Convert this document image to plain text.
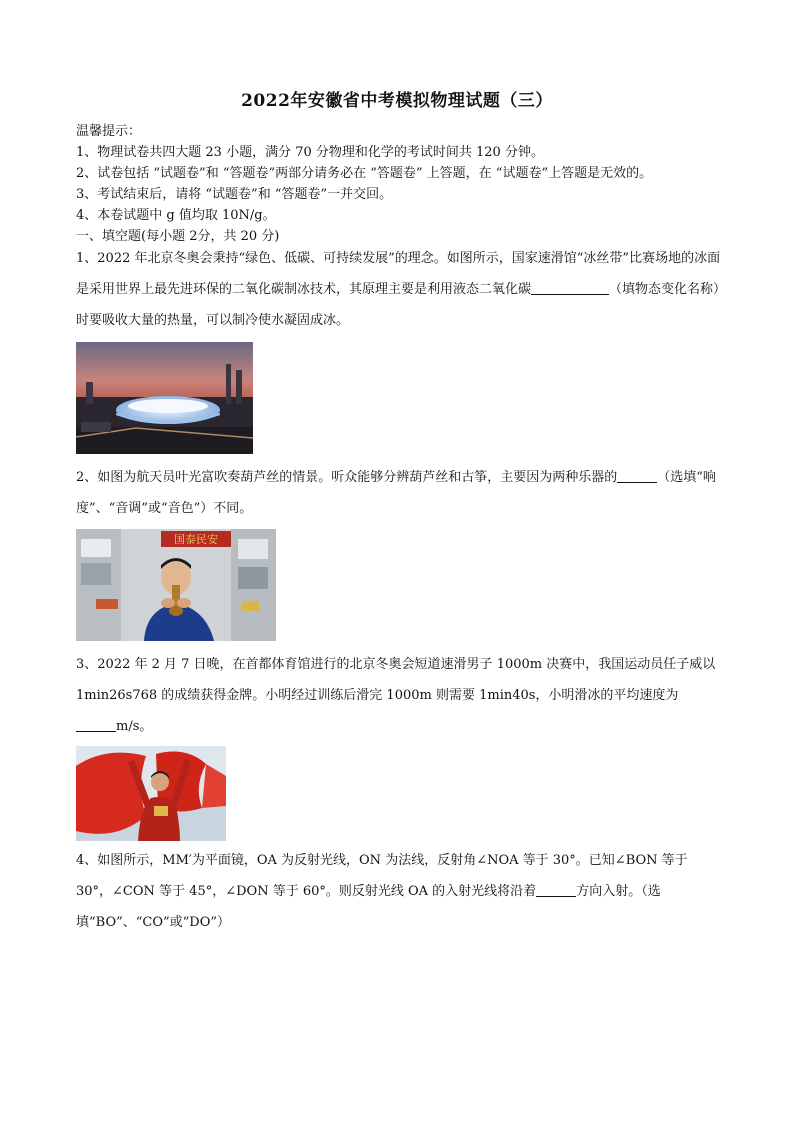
2022年安徽省中考模拟物理试题（三）
温馨提示：
1、物理试卷共四大题 23 小题，满分 70 分物理和化学的考试时间共 120 分钟。
2、试卷包括 “试题卷”和 “答题卷”两部分请务必在 “答题卷” 上答题，在 “试题卷”上答题是无效的。
3、考试结束后，请将 “试题卷”和 “答题卷”一并交回。
4、本卷试题中 g 值均取 10N/g。
一、填空题(每小题 2分，共 20 分)
1、2022 年北京冬奥会秉持“绿色、低碳、可持续发展”的理念。如图所示，国家速滑馆“冰丝带”比赛场地的冰面是采用世界上最先进环保的二氧化碳制冰技术，其原理主要是利用液态二氧化碳	（填物态变化名称）时要吸收大量的热量，可以制冷使水凝固成冰。
2、如图为航天员叶光富吹奏葫芦丝的情景。听众能够分辨葫芦丝和古筝，主要因为两种乐器的	（选填“响度”、“音调”或“音色”）不同。
国泰民安
3、2022 年 2 月 7 日晚，在首都体育馆进行的北京冬奥会短道速滑男子 1000m 决赛中，我国运动员任子威以 1min26s768 的成绩获得金牌。小明经过训练后滑完 1000m 则需要 1min40s，小明滑冰的平均速度为
m/s。
4、如图所示，MM′为平面镜，OA 为反射光线，ON 为法线，反射角∠NOA 等于 30°。已知∠BON 等于 30°，∠CON 等于 45°，∠DON 等于 60°。则反射光线 OA 的入射光线将沿着	方向入射。（选填“BO”、“CO”或“DO”）
